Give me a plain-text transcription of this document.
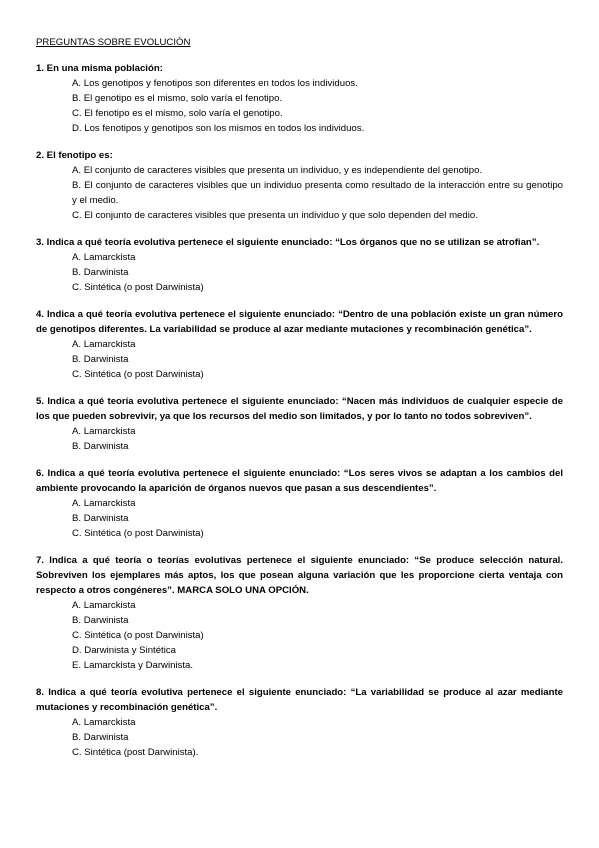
PREGUNTAS SOBRE EVOLUCIÓN

1. En una misma población:

A. Los genotipos y fenotipos son diferentes en todos los individuos.
B. El genotipo es el mismo, solo varía el fenotipo.
C. El fenotipo es el mismo, solo varía el genotipo.
D. Los fenotipos y genotipos son los mismos en todos los individuos.

2. El fenotipo es:

A. El conjunto de caracteres visibles que presenta un individuo, y es independiente del genotipo.
B. El conjunto de caracteres visibles que un individuo presenta como resultado de la interacción entre su genotipo y el medio.
C. El conjunto de caracteres visibles que presenta un individuo y que solo dependen del medio.

3. Indica a qué teoría evolutiva pertenece el siguiente enunciado: “Los órganos que no se utilizan se atrofian”.

A. Lamarckista
B. Darwinista
C. Sintética (o post Darwinista)

4. Indica a qué teoría evolutiva pertenece el siguiente enunciado: “Dentro de una población existe un gran número de genotipos diferentes. La variabilidad se produce al azar mediante mutaciones y recombinación genética”.

A. Lamarckista
B. Darwinista
C. Sintética (o post Darwinista)

5. Indica a qué teoría evolutiva pertenece el siguiente enunciado: “Nacen más individuos de cualquier especie de los que pueden sobrevivir, ya que los recursos del medio son limitados, y por lo tanto no todos sobreviven”.

A. Lamarckista
B. Darwinista

6. Indica a qué teoría evolutiva pertenece el siguiente enunciado: “Los seres vivos se adaptan a los cambios del ambiente provocando la aparición de órganos nuevos que pasan a sus descendientes”.

A. Lamarckista
B. Darwinista
C. Sintética (o post Darwinista)

7. Indica a qué teoría o teorías evolutivas pertenece el siguiente enunciado: “Se produce selección natural. Sobreviven los ejemplares más aptos, los que posean alguna variación que les proporcione cierta ventaja con respecto a otros congéneres”. MARCA SOLO UNA OPCIÓN.

A. Lamarckista
B. Darwinista
C. Sintética (o post Darwinista)
D. Darwinista y Sintética
E. Lamarckista y Darwinista.

8. Indica a qué teoría evolutiva pertenece el siguiente enunciado: “La variabilidad se produce al azar mediante mutaciones y recombinación genética”.

A. Lamarckista
B. Darwinista
C. Sintética (post Darwinista).
